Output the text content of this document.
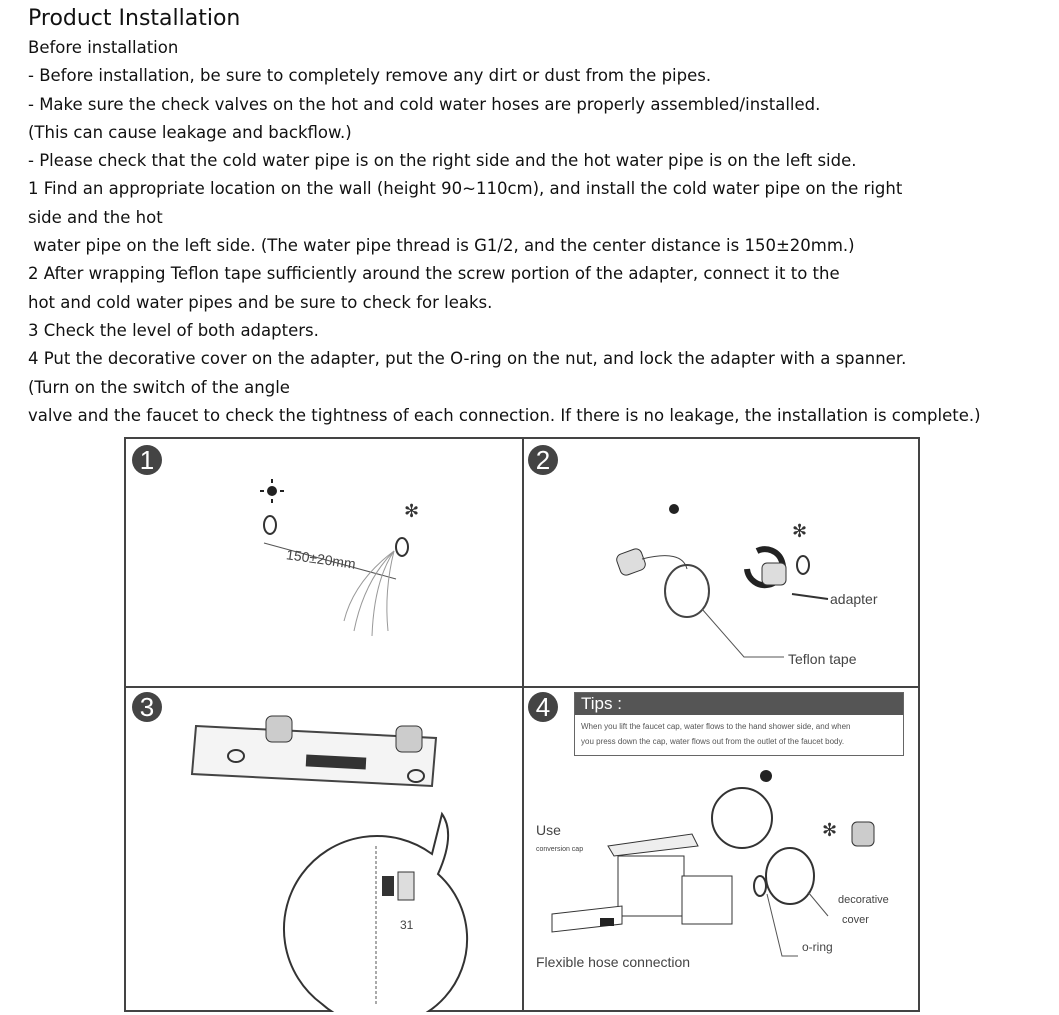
Product Installation

Before installation

- Before installation, be sure to completely remove any dirt or dust from the pipes.

- Make sure the check valves on the hot and cold water hoses are properly assembled/installed.

(This can cause leakage and backflow.)

- Please check that the cold water pipe is on the right side and the hot water pipe is on the left side.

1 Find an appropriate location on the wall (height 90~110cm), and install the cold water pipe on the right

side and the hot

water pipe on the left side. (The water pipe thread is G1/2, and the center distance is 150±20mm.)

2 After wrapping Teflon tape sufficiently around the screw portion of the adapter, connect it to the

hot and cold water pipes and be sure to check for leaks.

3 Check the level of both adapters.

4 Put the decorative cover on the adapter, put the O-ring on the nut, and lock the adapter with a spanner.

(Turn on the switch of the angle

valve and the faucet to check the tightness of each connection. If there is no leakage, the installation is complete.)

1
✻
150±20mm
2
✻
adapter
Teflon tape
3
31
4	Tips :
When you lift the faucet cap, water flows to the hand shower side, and when
you press down the cap, water flows out from the outlet of the faucet body.
✻
Use
conversion cap
decorative
cover
o-ring
Flexible hose connection
